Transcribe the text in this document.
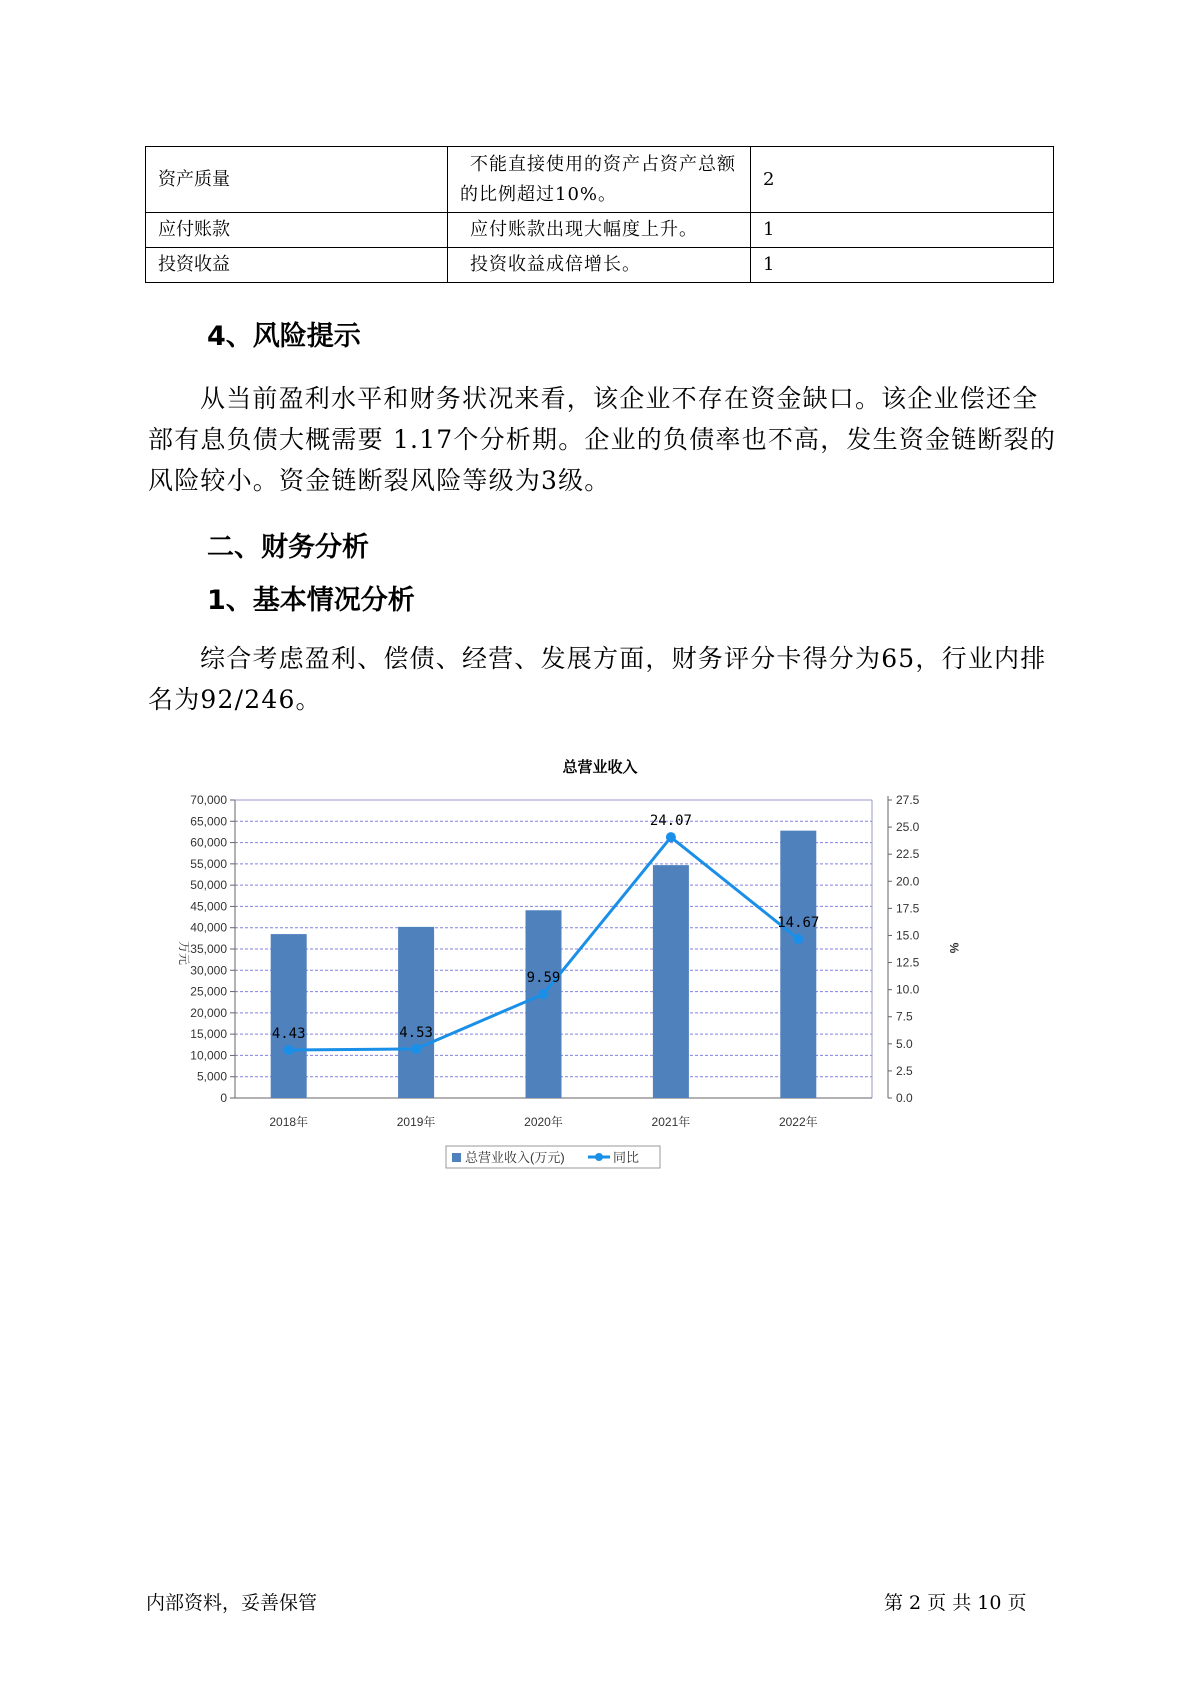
资产质量	不能直接使用的资产占资产总额的比例超过10%。	2
应付账款	应付账款出现大幅度上升。	1
投资收益	投资收益成倍增长。	1
4、风险提示

从当前盈利水平和财务状况来看，该企业不存在资金缺口。该企业偿还全部有息负债大概需要 1.17个分析期。企业的负债率也不高，发生资金链断裂的风险较小。资金链断裂风险等级为3级。

二、财务分析
1、基本情况分析

综合考虑盈利、偿债、经营、发展方面，财务评分卡得分为65，行业内排名为92/246。

总营业收入
0
5,000
10,000
15,000
20,000
25,000
30,000
35,000
40,000
45,000
50,000
55,000
60,000
65,000
70,000
0.0
2.5
5.0
7.5
10.0
12.5
15.0
17.5
20.0
22.5
25.0
27.5
万元	%
2018年	2019年	2020年	2021年	2022年
4.43	4.53
9.59
24.07
14.67
总营业收入(万元)	同比
内部资料，妥善保管	第 2 页 共 10 页
